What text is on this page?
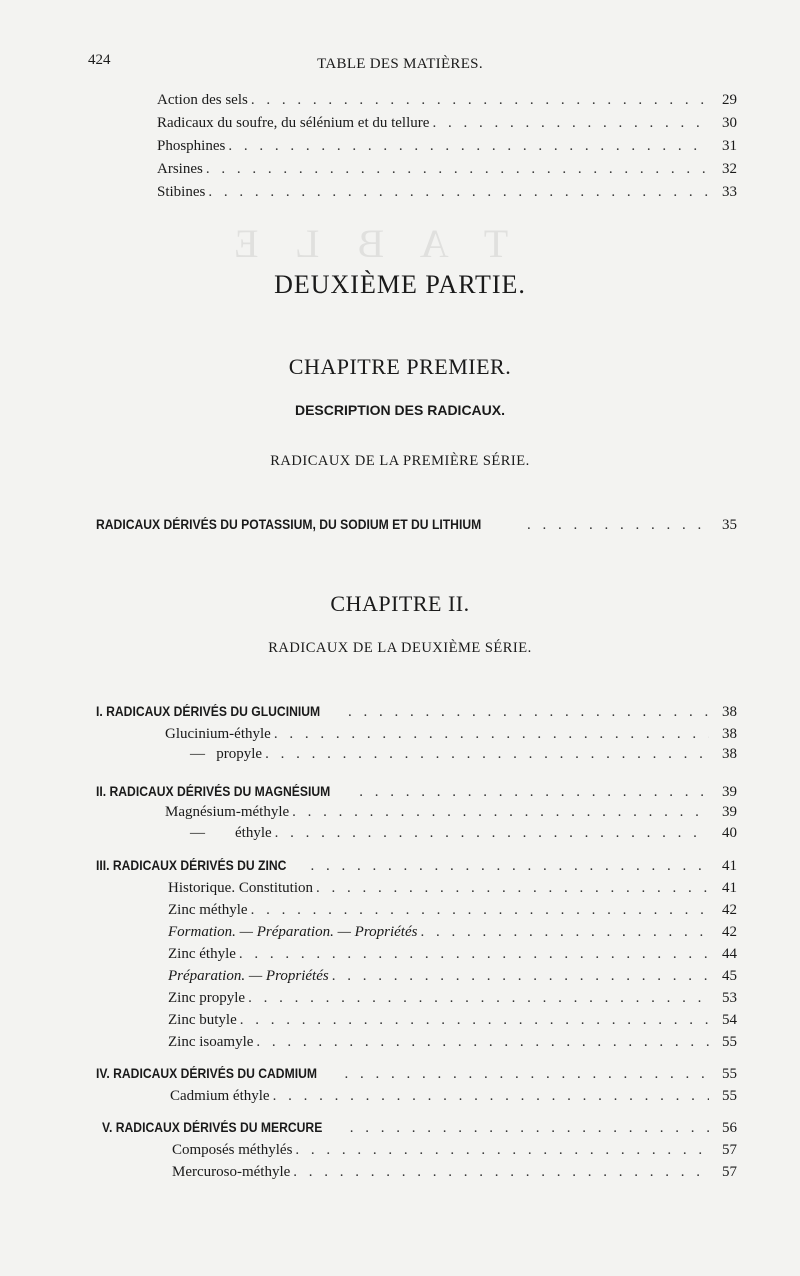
T A B L E
424	TABLE DES MATIÈRES.
Action des sels . . .	29
Radicaux du soufre, du sélénium et du tellure . . .	30
Phosphines . . .	31
Arsines . . .	32
Stibines . . .	33
DEUXIÈME PARTIE.
CHAPITRE PREMIER.
DESCRIPTION DES RADICAUX.
RADICAUX DE LA PREMIÈRE SÉRIE.
RADICAUX DÉRIVÉS DU POTASSIUM, DU SODIUM ET DU LITHIUM . . .	35
CHAPITRE II.
RADICAUX DE LA DEUXIÈME SÉRIE.
I. RADICAUX DÉRIVÉS DU GLUCINIUM . . .	38
Glucinium-éthyle . . .	38
—   propyle . . .	38
II. RADICAUX DÉRIVÉS DU MAGNÉSIUM . . .	39
Magnésium-méthyle . . .	39
—        éthyle . . .	40
III. RADICAUX DÉRIVÉS DU ZINC . . .	41
Historique. Constitution . . .	41
Zinc méthyle . . .	42
Formation. — Préparation. — Propriétés . . .	42
Zinc éthyle . . .	44
Préparation. — Propriétés . . .	45
Zinc propyle . . .	53
Zinc butyle . . .	54
Zinc isoamyle . . .	55
IV. RADICAUX DÉRIVÉS DU CADMIUM . . .	55
Cadmium éthyle . . .	55
V. RADICAUX DÉRIVÉS DU MERCURE . . .	56
Composés méthylés . . .	57
Mercuroso-méthyle . . .	57
